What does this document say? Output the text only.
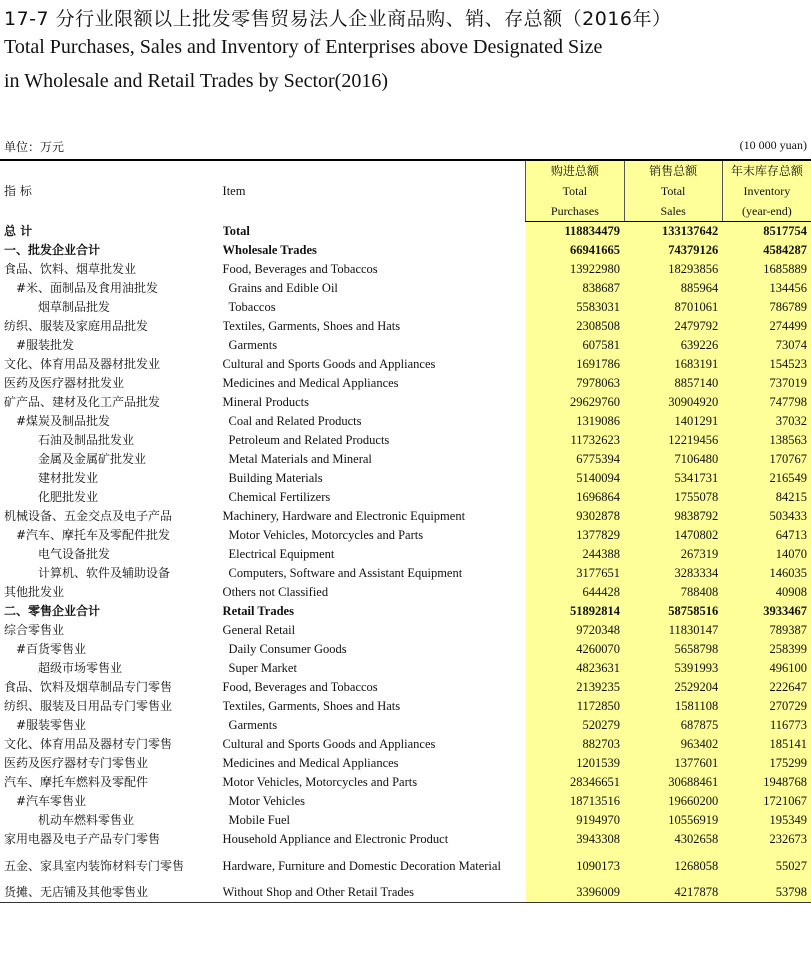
17-7 分行业限额以上批发零售贸易法人企业商品购、销、存总额（2016年）
Total Purchases, Sales and Inventory of Enterprises above Designated Size
in Wholesale and Retail Trades by Sector(2016)
单位：万元	(10 000 yuan)
指 标	Item	购进总额	销售总额	年末库存总额
		Total	Total	Inventory
		Purchases	Sales	(year-end)
总 计	Total	118834479	133137642	8517754
一、批发企业合计	Wholesale Trades	66941665	74379126	4584287
食品、饮料、烟草批发业	Food, Beverages and Tobaccos	13922980	18293856	1685889
#米、面制品及食用油批发	Grains and Edible Oil	838687	885964	134456
烟草制品批发	Tobaccos	5583031	8701061	786789
纺织、服装及家庭用品批发	Textiles, Garments, Shoes and Hats	2308508	2479792	274499
#服装批发	Garments	607581	639226	73074
文化、体育用品及器材批发业	Cultural and Sports Goods and Appliances	1691786	1683191	154523
医药及医疗器材批发业	Medicines and Medical Appliances	7978063	8857140	737019
矿产品、建材及化工产品批发	Mineral Products	29629760	30904920	747798
#煤炭及制品批发	Coal and Related Products	1319086	1401291	37032
石油及制品批发业	Petroleum and Related Products	11732623	12219456	138563
金属及金属矿批发业	Metal Materials and Mineral	6775394	7106480	170767
建材批发业	Building Materials	5140094	5341731	216549
化肥批发业	Chemical Fertilizers	1696864	1755078	84215
机械设备、五金交点及电子产品	Machinery, Hardware and Electronic Equipment	9302878	9838792	503433
#汽车、摩托车及零配件批发	Motor Vehicles, Motorcycles and Parts	1377829	1470802	64713
电气设备批发	Electrical Equipment	244388	267319	14070
计算机、软件及辅助设备	Computers, Software and Assistant Equipment	3177651	3283334	146035
其他批发业	Others not Classified	644428	788408	40908
二、零售企业合计	Retail Trades	51892814	58758516	3933467
综合零售业	General Retail	9720348	11830147	789387
#百货零售业	Daily Consumer Goods	4260070	5658798	258399
超级市场零售业	Super Market	4823631	5391993	496100
食品、饮料及烟草制品专门零售	Food, Beverages and Tobaccos	2139235	2529204	222647
纺织、服装及日用品专门零售业	Textiles, Garments, Shoes and Hats	1172850	1581108	270729
#服装零售业	Garments	520279	687875	116773
文化、体育用品及器材专门零售	Cultural and Sports Goods and Appliances	882703	963402	185141
医药及医疗器材专门零售业	Medicines and Medical Appliances	1201539	1377601	175299
汽车、摩托车燃料及零配件	Motor Vehicles, Motorcycles and Parts	28346651	30688461	1948768
#汽车零售业	Motor Vehicles	18713516	19660200	1721067
机动车燃料零售业	Mobile Fuel	9194970	10556919	195349
家用电器及电子产品专门零售	Household Appliance and Electronic Product	3943308	4302658	232673
五金、家具室内装饰材料专门零售	Hardware, Furniture and Domestic Decoration Material	1090173	1268058	55027
货摊、无店铺及其他零售业	Without Shop and Other Retail Trades	3396009	4217878	53798
